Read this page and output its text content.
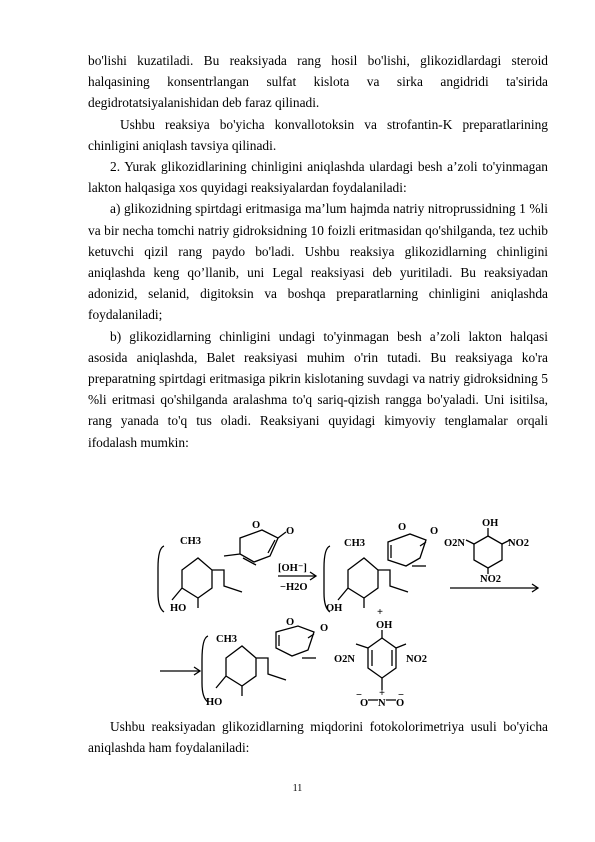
bo'lishi kuzatiladi. Bu reaksiyada rang hosil bo'lishi, glikozidlardagi steroid halqasining konsentrlangan sulfat kislota va sirka angidridi ta'sirida degidrotatsiyalanishidan deb faraz qilinadi.

Ushbu reaksiya bo'yicha konvallotoksin va strofantin-K preparatlarining chinligini aniqlash tavsiya qilinadi.

2. Yurak glikozidlarining chinligini aniqlashda ulardagi besh a’zoli to'yinmagan lakton halqasiga xos quyidagi reaksiyalardan foydalaniladi:

a) glikozidning spirtdagi eritmasiga ma’lum hajmda natriy nitroprussidning 1 %li va bir necha tomchi natriy gidroksidning 10 foizli eritmasidan qo'shilganda, tez uchib ketuvchi qizil rang paydo bo'ladi. Ushbu reaksiya glikozidlarning chinligini aniqlashda keng qo’llanib, uni Legal reaksiyasi deb yuritiladi. Bu reaksiyadan adonizid, selanid, digitoksin va boshqa preparatlarning chinligini aniqlashda foydalaniladi;

b) glikozidlarning chinligini undagi to'yinmagan besh a’zoli lakton halqasi asosida aniqlashda, Balet reaksiyasi muhim o'rin tutadi. Bu reaksiyaga ko'ra preparatning spirtdagi eritmasiga pikrin kislotaning suvdagi va natriy gidroksidning 5 %li eritmasi qo'shilganda aralashma to'q sariq-qizish rangga bo'yaladi. Uni isitilsa, rang yanada to'q tus oladi. Reaksiyani quyidagi kimyoviy tenglamalar orqali ifodalash mumkin:

CH3
O
O
HO
[OH⁻]
−H2O
CH3
O O
OH
OH
O2N	NO2
NO2
CH3
O
O
HO
+
OH
O2N	NO2
−
O N
+
O
−

Ushbu reaksiyadan glikozidlarning miqdorini fotokolorimetriya usuli bo'yicha aniqlashda ham foydalaniladi:

11
